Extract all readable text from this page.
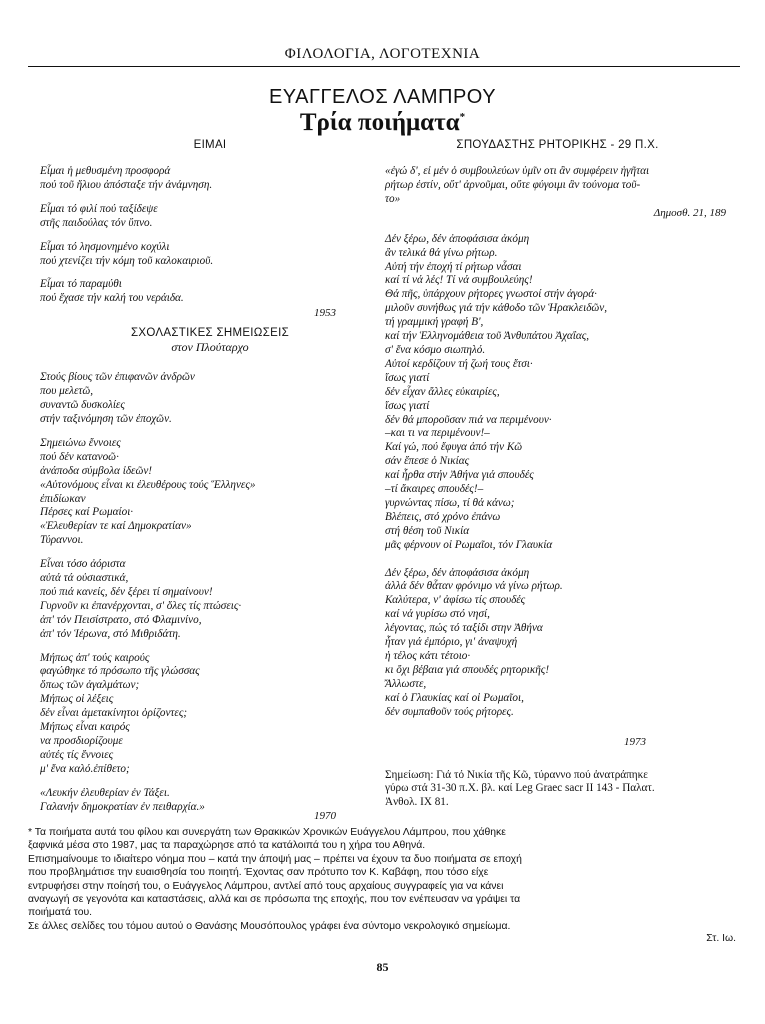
ΦΙΛΟΛΟΓΙΑ, ΛΟΓΟΤΕΧΝΙΑ
ΕΥΑΓΓΕΛΟΣ ΛΑΜΠΡΟΥ
Τρία ποιήματα*
ΕΙΜΑΙ
Εἶμαι ἡ μεθυσμένη προσφορά
πού τοῦ ἥλιου ἀπόσταξε τήν ἀνάμνηση.
Εἶμαι τό φιλί πού ταξίδεψε
στῆς παιδούλας τόν ὕπνο.
Εἶμαι τό λησμονημένο κοχύλι
πού χτενίζει τήν κόμη τοῦ καλοκαιριοῦ.
Εἶμαι τό παραμύθι
πού ἔχασε τήν καλή του νεράιδα.
1953
ΣΧΟΛΑΣΤΙΚΕΣ ΣΗΜΕΙΩΣΕΙΣ
στον Πλούταρχο
Στούς βίους τῶν ἐπιφανῶν ἀνδρῶν
που μελετῶ,
συναντῶ δυσκολίες
στήν ταξινόμηση τῶν ἐποχῶν.
Σημειώνω ἔννοιες
πού δέν κατανοῶ·
ἀνάποδα σύμβολα ἰδεῶν!
«Αὐτονόμους εἶναι κι ἐλευθέρους τούς Ἕλληνες»
ἐπιδίωκαν
Πέρσες καί Ρωμαίοι·
«Ἐλευθερίαν τε καί Δημοκρατίαν»
Τύραννοι.
Εἶναι τόσο ἀόριστα
αὐτά τά οὐσιαστικά,
πού πιά κανείς, δέν ξέρει τί σημαίνουν!
Γυρνοῦν κι ἐπανέρχονται, σ' ὅλες τίς πτώσεις·
ἀπ' τόν Πεισίστρατο, στό Φλαμινίνο,
ἀπ' τόν Ἱέρωνα, στό Μιθριδάτη.
Μήπως ἀπ' τούς καιρούς
φαγώθηκε τό πρόσωπο τῆς γλώσσας
ὅπως τῶν ἀγαλμάτων;
Μήπως οἱ λέξεις
δέν εἶναι ἀμετακίνητοι ὁρίζοντες;
Μήπως εἶναι καιρός
να προσδιορίζουμε
αὐτές τίς ἔννοιες
μ' ἕνα καλό.ἐπίθετο;
«Λευκήν ἐλευθερίαν ἐν Τάξει.
Γαλανήν δημοκρατίαν ἐν πειθαρχία.»
1970
ΣΠΟΥΔΑΣΤΗΣ ΡΗΤΟΡΙΚΗΣ - 29 Π.Χ.
«ἐγώ δ', εἰ μέν ὁ συμβουλεύων ὑμῖν οτι ἂν συμφέρειν ἡγῆται
ρήτωρ ἐστίν, οὔτ' ἀρνοῦμαι, οὔτε φύγοιμι ἂν τούνομα τοῦ-
το»
Δημοσθ. 21, 189
Δέν ξέρω, δέν ἀποφάσισα ἀκόμη
ἂν τελικά θά γίνω ρήτωρ.
Αὐτή τήν ἐποχή τί ρήτωρ νἆσαι
καί τί νά λές! Τί νά συμβουλεύης!
Θά πῆς, ὑπάρχουν ρήτορες γνωστοί στήν ἀγορά·
μιλοῦν συνήθως γιά τήν κάθοδο τῶν Ἡρακλειδῶν,
τή γραμμική γραφή Β',
καί τήν Ἑλληνομάθεια τοῦ Ἀνθυπάτου Ἀχαΐας,
σ' ἕνα κόσμο σιωπηλό.
Αὐτοί κερδίζουν τή ζωή τους ἔτσι·
ἴσως γιατί
δέν εἶχαν ἄλλες εὐκαιρίες,
ἴσως γιατί
δέν θά μποροῦσαν πιά να περιμένουν·
–και τι να περιμένουν!–
Καί γώ, πού ἔφυγα ἀπό τήν Κῶ
σάν ἔπεσε ὁ Νικίας
καί ἦρθα στήν Ἀθήνα γιά σπουδές
–τί ἄκαιρες σπουδές!–
γυρνώντας πίσω, τί θά κάνω;
Βλέπεις, στό χρόνο ἐπάνω
στή θέση τοῦ Νικία
μᾶς φέρνουν οἱ Ρωμαῖοι, τόν Γλαυκία
Δέν ξέρω, δέν ἀποφάσισα ἀκόμη
ἀλλά δέν θἆταν φρόνιμο νά γίνω ρήτωρ.
Καλύτερα, ν' ἀφίσω τίς σπουδές
καί νά γυρίσω στό νησί,
λέγοντας, πώς τό ταξίδι στην Ἀθήνα
ἦταν γιά ἐμπόριο, γι' ἀναψυχή
ἡ τέλος κάτι τέτοιο·
κι ὄχι βέβαια γιά σπουδές ρητορικῆς!
Ἄλλωστε,
καί ὁ Γλαυκίας καί οἱ Ρωμαῖοι,
δέν συμπαθοῦν τούς ρήτορες.
1973
Σημείωση: Γιά τό Νικία τῆς Κῶ, τύραννο πού ἀνατράπηκε
γύρω στά 31-30 π.Χ. βλ. καί Leg Graec sacr II 143 - Παλατ.
Ἀνθολ. IX 81.
* Τα ποιήματα αυτά του φίλου και συνεργάτη των Θρακικών Χρονικών Ευάγγελου Λάμπρου, που χάθηκε
ξαφνικά μέσα στο 1987, μας τα παραχώρησε από τα κατάλοιπά του η χήρα του Αθηνά.
Επισημαίνουμε το ιδιαίτερο νόημα που – κατά την άποψή μας – πρέπει να έχουν τα δυο ποιήματα σε εποχή
που προβλημάτισε την ευαισθησία του ποιητή. Έχοντας σαν πρότυπο τον Κ. Καβάφη, που τόσο είχε
εντρυφήσει στην ποίησή του, ο Ευάγγελος Λάμπρου, αντλεί από τους αρχαίους συγγραφείς για να κάνει
αναγωγή σε γεγονότα και καταστάσεις, αλλά και σε πρόσωπα της εποχής, που τον ενέπευσαν να γράψει τα
ποιήματά του.
Σε άλλες σελίδες του τόμου αυτού ο Θανάσης Μουσόπουλος γράφει ένα σύντομο νεκρολογικό σημείωμα.
Στ. Ιω.
85
